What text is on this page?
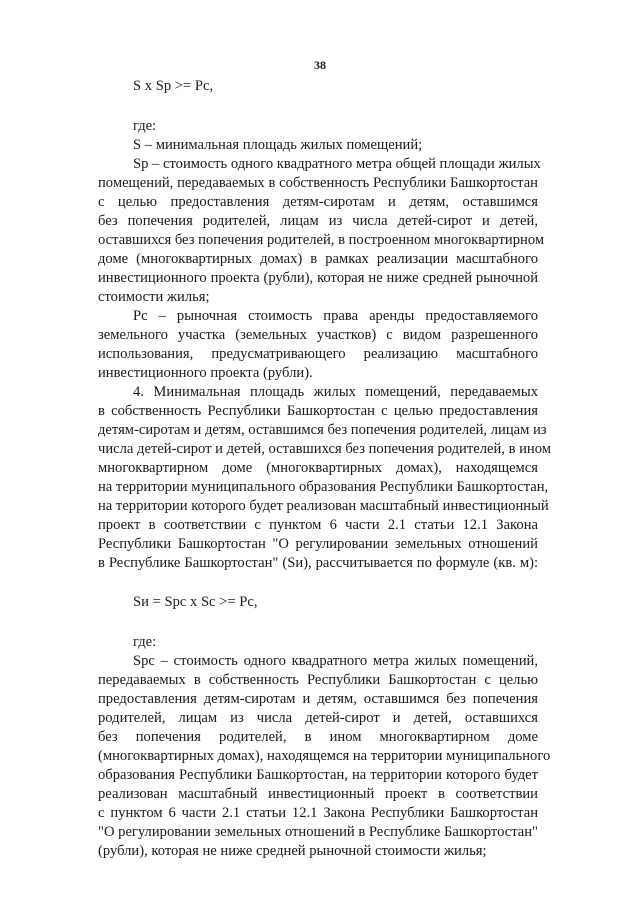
38
S x Sp >= Pc,
где:
S – минимальная площадь жилых помещений;
Sp – стоимость одного квадратного метра общей площади жилых
помещений, передаваемых в собственность Республики Башкортостан
с целью предоставления детям-сиротам и детям, оставшимся
без попечения родителей, лицам из числа детей-сирот и детей,
оставшихся без попечения родителей, в построенном многоквартирном
доме (многоквартирных домах) в рамках реализации масштабного
инвестиционного проекта (рубли), которая не ниже средней рыночной
стоимости жилья;
Pc – рыночная стоимость права аренды предоставляемого
земельного участка (земельных участков) с видом разрешенного
использования, предусматривающего реализацию масштабного
инвестиционного проекта (рубли).
4. Минимальная площадь жилых помещений, передаваемых
в собственность Республики Башкортостан с целью предоставления
детям-сиротам и детям, оставшимся без попечения родителей, лицам из
числа детей-сирот и детей, оставшихся без попечения родителей, в ином
многоквартирном доме (многоквартирных домах), находящемся
на территории муниципального образования Республики Башкортостан,
на территории которого будет реализован масштабный инвестиционный
проект в соответствии с пунктом 6 части 2.1 статьи 12.1 Закона
Республики Башкортостан "О регулировании земельных отношений
в Республике Башкортостан" (Sи), рассчитывается по формуле (кв. м):
Sи = Spc x Sc >= Pc,
где:
Spc – стоимость одного квадратного метра жилых помещений,
передаваемых в собственность Республики Башкортостан с целью
предоставления детям-сиротам и детям, оставшимся без попечения
родителей, лицам из числа детей-сирот и детей, оставшихся
без попечения родителей, в ином многоквартирном доме
(многоквартирных домах), находящемся на территории муниципального
образования Республики Башкортостан, на территории которого будет
реализован масштабный инвестиционный проект в соответствии
с пунктом 6 части 2.1 статьи 12.1 Закона Республики Башкортостан
"О регулировании земельных отношений в Республике Башкортостан"
(рубли), которая не ниже средней рыночной стоимости жилья;
